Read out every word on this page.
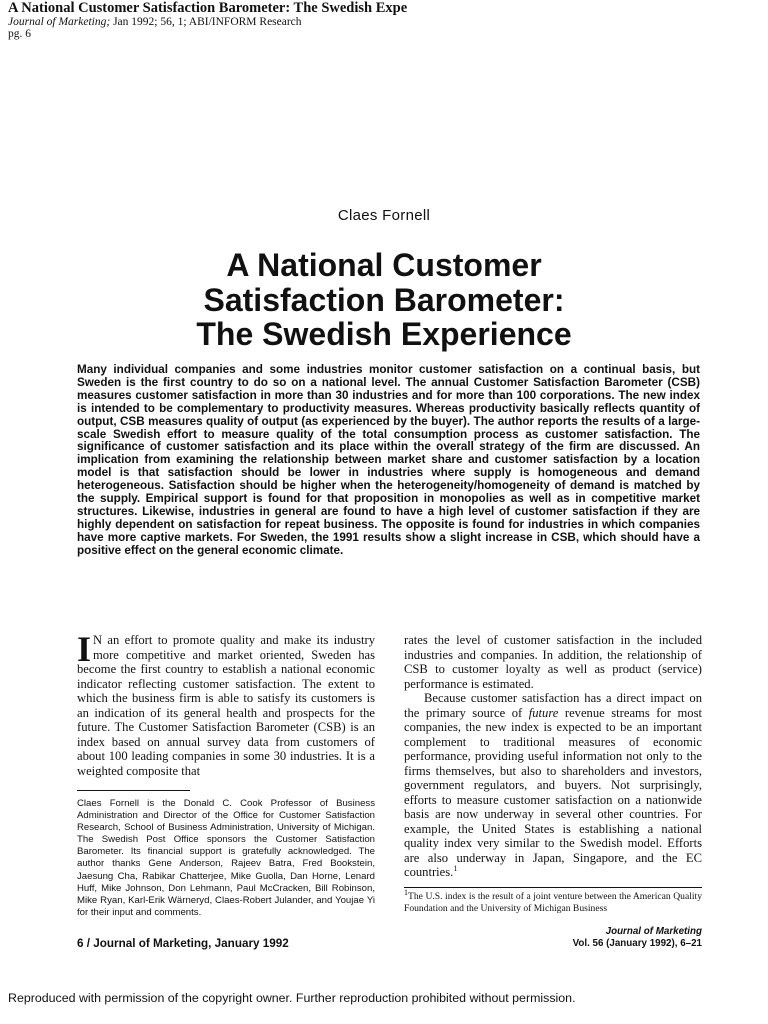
A National Customer Satisfaction Barometer: The Swedish Expe
Journal of Marketing; Jan 1992; 56, 1; ABI/INFORM Research
pg. 6
Claes Fornell
A National Customer
Satisfaction Barometer:
The Swedish Experience
Many individual companies and some industries monitor customer satisfaction on a continual basis, but Sweden is the first country to do so on a national level. The annual Customer Satisfaction Barometer (CSB) measures customer satisfaction in more than 30 industries and for more than 100 corporations. The new index is intended to be complementary to productivity measures. Whereas productivity basically reflects quantity of output, CSB measures quality of output (as experienced by the buyer). The author reports the results of a large-scale Swedish effort to measure quality of the total consumption process as customer satisfaction. The significance of customer satisfaction and its place within the overall strategy of the firm are discussed. An implication from examining the relationship between market share and customer satisfaction by a location model is that satisfaction should be lower in industries where supply is homogeneous and demand heterogeneous. Satisfaction should be higher when the heterogeneity/homogeneity of demand is matched by the supply. Empirical support is found for that proposition in monopolies as well as in competitive market structures. Likewise, industries in general are found to have a high level of customer satisfaction if they are highly dependent on satisfaction for repeat business. The opposite is found for industries in which companies have more captive markets. For Sweden, the 1991 results show a slight increase in CSB, which should have a positive effect on the general economic climate.
I N an effort to promote quality and make its industry more competitive and market oriented, Sweden has become the first country to establish a national economic indicator reflecting customer satisfaction. The extent to which the business firm is able to satisfy its customers is an indication of its general health and prospects for the future. The Customer Satisfaction Barometer (CSB) is an index based on annual survey data from customers of about 100 leading companies in some 30 industries. It is a weighted composite that
rates the level of customer satisfaction in the included industries and companies. In addition, the relationship of CSB to customer loyalty as well as product (service) performance is estimated.
Because customer satisfaction has a direct impact on the primary source of future revenue streams for most companies, the new index is expected to be an important complement to traditional measures of economic performance, providing useful information not only to the firms themselves, but also to shareholders and investors, government regulators, and buyers. Not surprisingly, efforts to measure customer satisfaction on a nationwide basis are now underway in several other countries. For example, the United States is establishing a national quality index very similar to the Swedish model. Efforts are also underway in Japan, Singapore, and the EC countries.$^1$
Claes Fornell is the Donald C. Cook Professor of Business Administration and Director of the Office for Customer Satisfaction Research, School of Business Administration, University of Michigan. The Swedish Post Office sponsors the Customer Satisfaction Barometer. Its financial support is gratefully acknowledged. The author thanks Gene Anderson, Rajeev Batra, Fred Bookstein, Jaesung Cha, Rabikar Chatterjee, Mike Guolla, Dan Horne, Lenard Huff, Mike Johnson, Don Lehmann, Paul McCracken, Bill Robinson, Mike Ryan, Karl-Erik Wärneryd, Claes-Robert Julander, and Youjae Yi for their input and comments.
$^1$The U.S. index is the result of a joint venture between the American Quality Foundation and the University of Michigan Business
6 / Journal of Marketing, January 1992
Journal of Marketing
Vol. 56 (January 1992), 6–21
Reproduced with permission of the copyright owner. Further reproduction prohibited without permission.
